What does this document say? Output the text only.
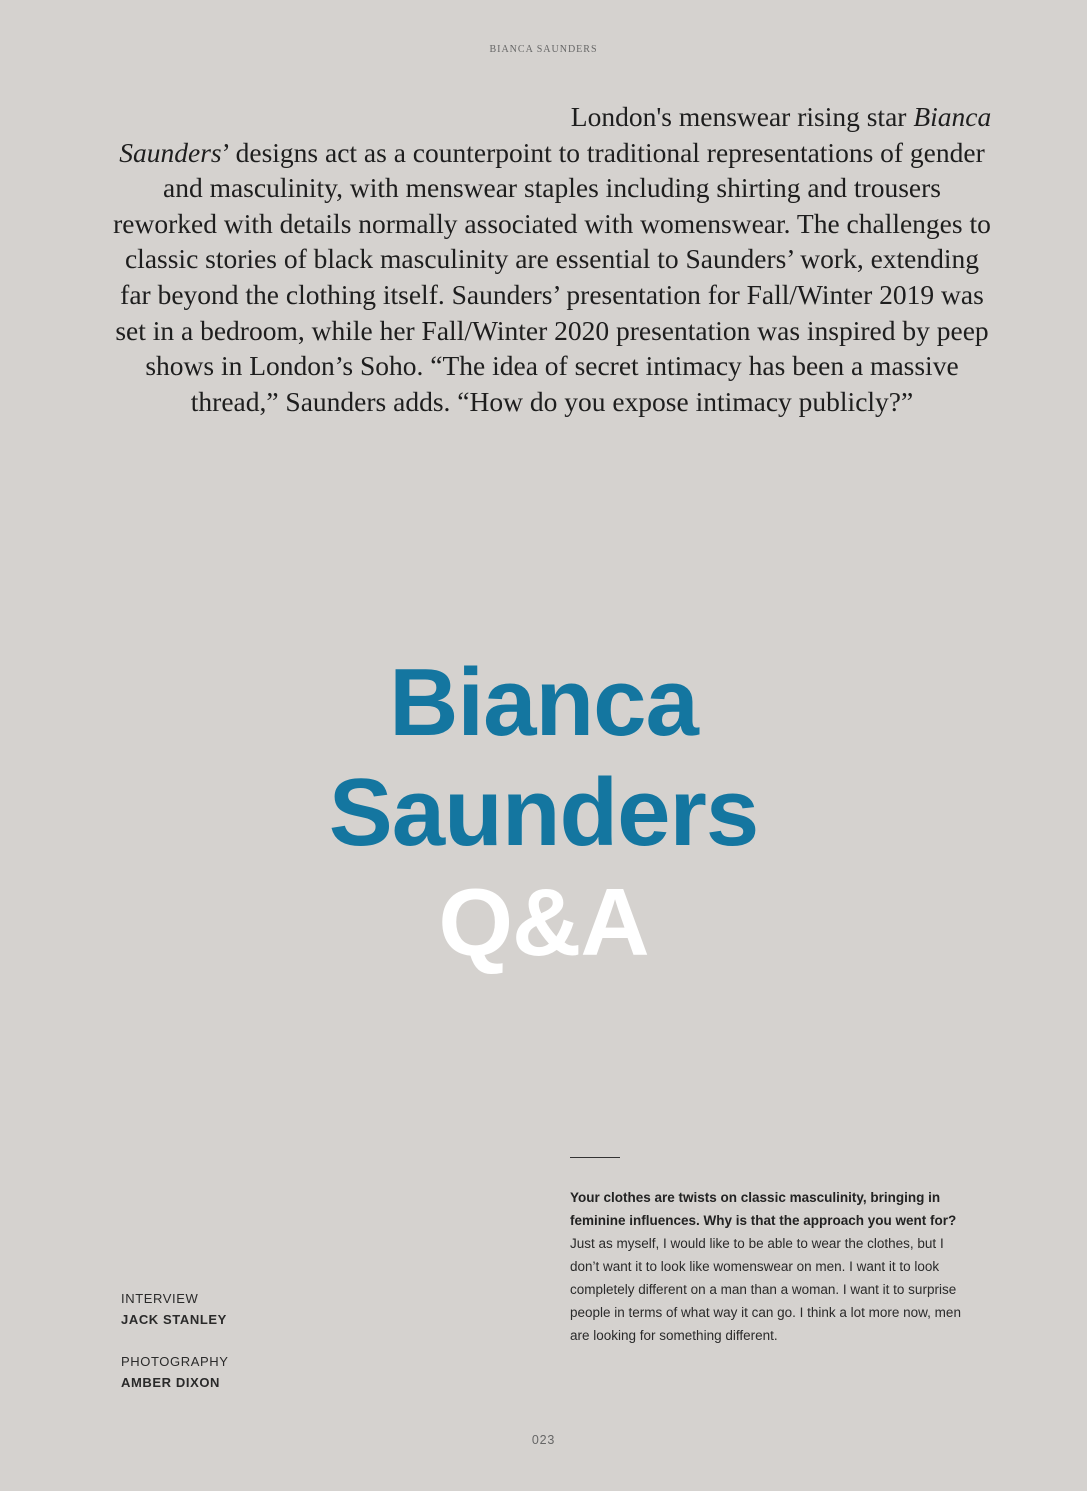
BIANCA SAUNDERS
London's menswear rising star Bianca Saunders’ designs act as a counterpoint to traditional representations of gender and masculinity, with menswear staples including shirting and trousers reworked with details normally associated with womenswear. The challenges to classic stories of black masculinity are essential to Saunders’ work, extending far beyond the clothing itself. Saunders’ presentation for Fall/Winter 2019 was set in a bedroom, while her Fall/Winter 2020 presentation was inspired by peep shows in London’s Soho. “The idea of secret intimacy has been a massive thread,” Saunders adds. “How do you expose intimacy publicly?”
Bianca
Saunders
Q&A
Your clothes are twists on classic masculinity, bringing in feminine influences. Why is that the approach you went for?
Just as myself, I would like to be able to wear the clothes, but I don’t want it to look like womenswear on men. I want it to look completely different on a man than a woman. I want it to surprise people in terms of what way it can go. I think a lot more now, men are looking for something different.
INTERVIEW
JACK STANLEY
PHOTOGRAPHY
AMBER DIXON
023
